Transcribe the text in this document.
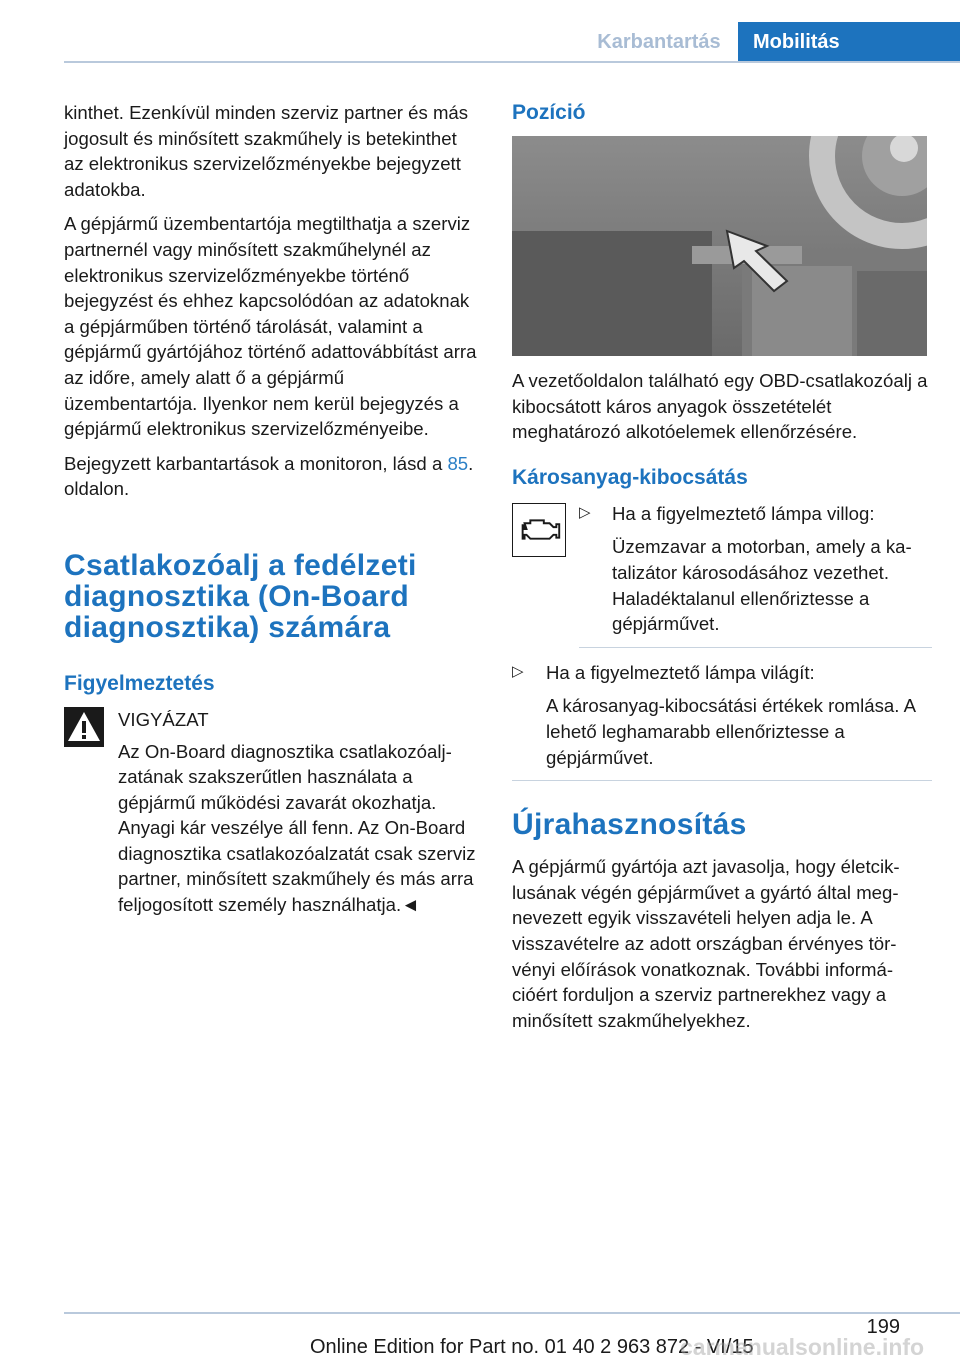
Karbantartás	Mobilitás

kinthet. Ezenkívül minden szerviz partner és más jogosult és minősített szakműhely is betekinthet az elektronikus szervizelőzményekbe bejegyzett adatokba.

A gépjármű üzembentartója megtilthatja a szerviz partnernél vagy minősített szakműhelynél az elektronikus szervizelőzményekbe történő bejegyzést és ehhez kapcsolódóan az adatoknak a gépjárműben történő tárolását, valamint a gépjármű gyártójához történő adattovábbítást arra az időre, amely alatt ő a gépjármű üzembentartója. Ilyenkor nem kerül bejegyzés a gépjármű elektronikus szervizelőzményeibe.

Bejegyzett karbantartások a monitoron, lásd a 85. oldalon.

Csatlakozóalj a fedélzeti diagnosztika (On-Board diagnosztika) számára
Figyelmeztetés

VIGYÁZAT

Az On-Board diagnosztika csatlakozóaljzatának szakszerűtlen használata a gépjármű működési zavarát okozhatja. Anyagi kár veszélye áll fenn. Az On-Board diagnosztika csatlakozóalzatát csak szerviz partner, minősített szakműhely és más arra feljogosított személy használhatja.◄

Pozíció

A vezetőoldalon található egy OBD-csatlakozóalj a kibocsátott káros anyagok összetételét meghatározó alkotóelemek ellenőrzésére.

Károsanyag-kibocsátás
▷ Ha a figyelmeztető lámpa villog:

Üzemzavar a motorban, amely a katalizátor károsodásához vezethet. Haladéktalanul ellenőriztesse a gépjárművet.

▷ Ha a figyelmeztető lámpa világít:

A károsanyag-kibocsátási értékek romlása. A lehető leghamarabb ellenőriztesse a gépjárművet.

Újrahasznosítás

A gépjármű gyártója azt javasolja, hogy életciklusának végén gépjárművet a gyártó által megnevezett egyik visszavételi helyen adja le. A visszavételre az adott országban érvényes törvényi előírások vonatkoznak. További információért forduljon a szerviz partnerekhez vagy a minősített szakműhelyekhez.

199
Online Edition for Part no. 01 40 2 963 872 - VI/15
carmanualsonline.info
